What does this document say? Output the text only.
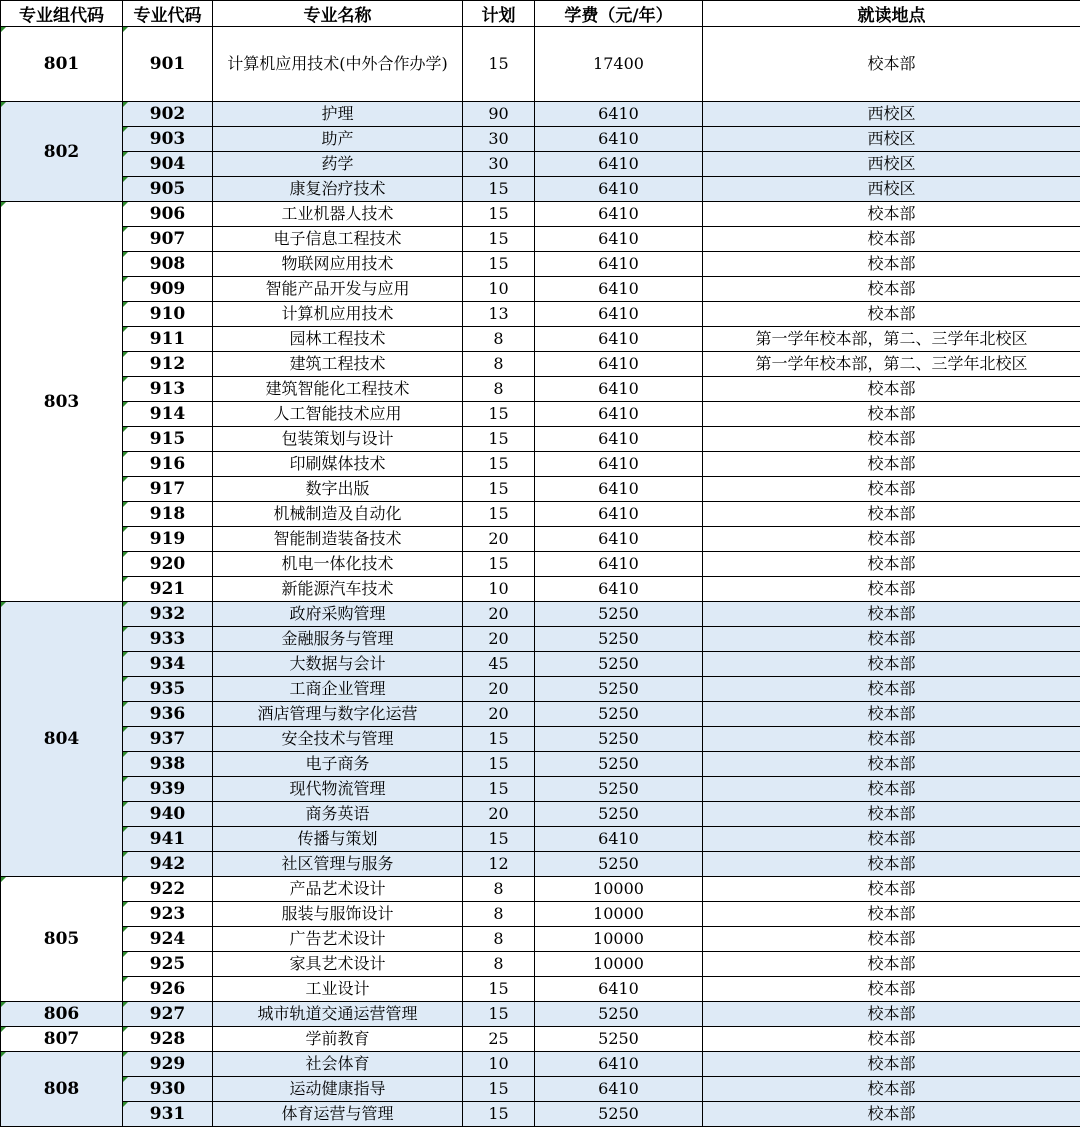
专业组代码	专业代码	专业名称	计划	学费（元/年）	就读地点
801	901	计算机应用技术(中外合作办学)	15	17400	校本部
802	902	护理	90	6410	西校区
	903	助产	30	6410	西校区
	904	药学	30	6410	西校区
	905	康复治疗技术	15	6410	西校区
803	906	工业机器人技术	15	6410	校本部
	907	电子信息工程技术	15	6410	校本部
	908	物联网应用技术	15	6410	校本部
	909	智能产品开发与应用	10	6410	校本部
	910	计算机应用技术	13	6410	校本部
	911	园林工程技术	8	6410	第一学年校本部，第二、三学年北校区
	912	建筑工程技术	8	6410	第一学年校本部，第二、三学年北校区
	913	建筑智能化工程技术	8	6410	校本部
	914	人工智能技术应用	15	6410	校本部
	915	包装策划与设计	15	6410	校本部
	916	印刷媒体技术	15	6410	校本部
	917	数字出版	15	6410	校本部
	918	机械制造及自动化	15	6410	校本部
	919	智能制造装备技术	20	6410	校本部
	920	机电一体化技术	15	6410	校本部
	921	新能源汽车技术	10	6410	校本部
804	932	政府采购管理	20	5250	校本部
	933	金融服务与管理	20	5250	校本部
	934	大数据与会计	45	5250	校本部
	935	工商企业管理	20	5250	校本部
	936	酒店管理与数字化运营	20	5250	校本部
	937	安全技术与管理	15	5250	校本部
	938	电子商务	15	5250	校本部
	939	现代物流管理	15	5250	校本部
	940	商务英语	20	5250	校本部
	941	传播与策划	15	6410	校本部
	942	社区管理与服务	12	5250	校本部
805	922	产品艺术设计	8	10000	校本部
	923	服装与服饰设计	8	10000	校本部
	924	广告艺术设计	8	10000	校本部
	925	家具艺术设计	8	10000	校本部
	926	工业设计	15	6410	校本部
806	927	城市轨道交通运营管理	15	5250	校本部
807	928	学前教育	25	5250	校本部
808	929	社会体育	10	6410	校本部
	930	运动健康指导	15	6410	校本部
	931	体育运营与管理	15	5250	校本部
